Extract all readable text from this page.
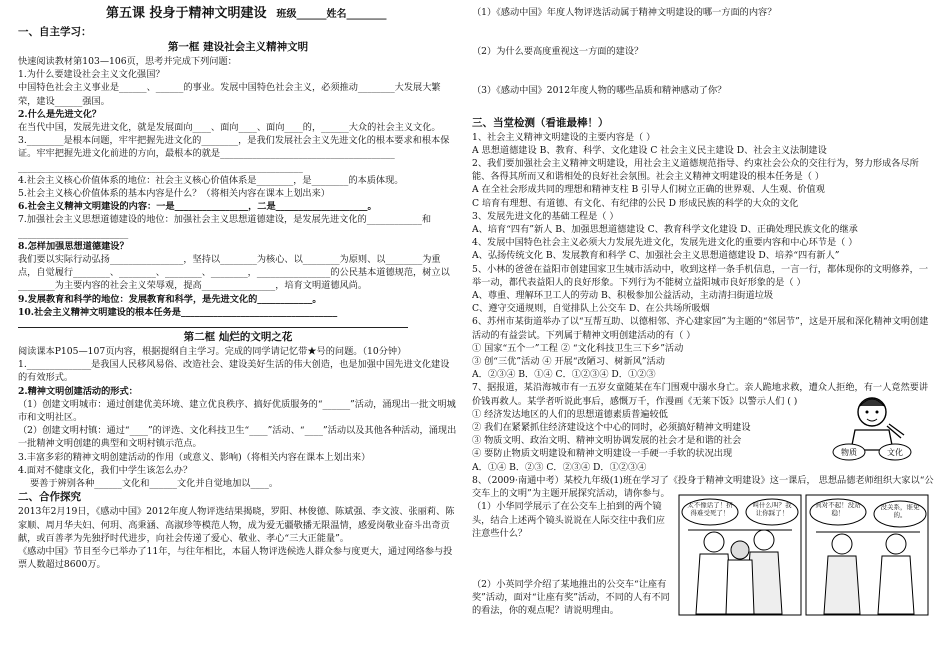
第五课 投身于精神文明建设 班级______姓名________
一、自主学习：
第一框 建设社会主义精神文明

快速阅读教材第103—106页，思考并完成下列问题：

1.为什么要建设社会主义文化强国？

中国特色社会主义事业是______、______的事业。发展中国特色社会主义，必须推动________大发展大繁荣，建设______强国。

2.什么是先进文化？

在当代中国，发展先进文化，就是发展面向____、面向____、面向____的，______大众的社会主义文化。

3.________是根本问题，牢牢把握先进文化的________，是我们发展社会主义先进文化的根本要求和根本保证。牢牢把握先进文化前进的方向，最根本的就是______________________________________

______________________________________________________________

4.社会主义核心价值体系的地位：社会主义核心价值体系是________，是________的本质体现。

5.社会主义核心价值体系的基本内容是什么？（将相关内容在课本上划出来）

6.社会主义精神文明建设的内容：一是________________，二是____________________。

7.加强社会主义思想道德建设的地位：加强社会主义思想道德建设，是发展先进文化的____________和________________________

8.怎样加强思想道德建设？

我们要以实际行动弘扬________________，坚持以________为核心、以________为原则、以________为重点，自觉履行________、________、________、________，________________的公民基本道德规范，树立以________为主要内容的社会主义荣辱观，提高________________，培育文明道德风尚。

9.发展教育和科学的地位：发展教育和科学，是先进文化的____________。

10.社会主义精神文明建设的根本任务是__________________________________

第二框 灿烂的文明之花

阅读课本P105—107页内容，根据提纲自主学习。完成的同学请记忆带★号的问题。（10分钟）

1.______________是我国人民移风易俗、改造社会、建设美好生活的伟大创造，也是加强中国先进文化建设的有效形式。

2.精神文明创建活动的形式：

（1）创建文明城市：通过创建优美环境、建立优良秩序、搞好优质服务的“______”活动，涌现出一批文明城市和文明社区。

（2）创建文明村镇：通过“____”的评选、文化科技卫生“____”活动、“____”活动以及其他各种活动，涌现出一批精神文明创建的典型和文明村镇示范点。

3.丰富多彩的精神文明创建活动的作用（或意义、影响)（将相关内容在课本上划出来）

4.面对不健康文化，我们中学生该怎么办？

要善于辨别各种______文化和______文化并自觉地加以____。

二、合作探究

2013年2月19日，《感动中国》2012年度人物评选结果揭晓，罗阳、林俊德、陈斌强、李文波、张丽莉、陈家顺、周月华夫妇、何玥、高秉涵、高淑珍等模范人物，成为爱无疆敬播无限温情，感爱岗敬业奋斗出奇贡献，或百善孝为先独抒时代进步，向社会传递了爱心、敬业、孝心“三大正能量”。

《感动中国》节目至今已举办了11年，与往年相比，本届人物评选候选人群众参与度更大，通过网络参与投票人数超过8600万。

（1）《感动中国》年度人物评选活动属于精神文明建设的哪一方面的内容？

（2）为什么要高度重视这一方面的建设？

（3）《感动中国》2012年度人物的哪些品质和精神感动了你？

三、当堂检测（看谁最棒！）

1、社会主义精神文明建设的主要内容是（ ）

A 思想道德建设 B、教育、科学、文化建设 C 社会主义民主建设 D、社会主义法制建设

2、我们要加强社会主义精神文明建设，用社会主义道德规范指导、约束社会公众的交往行为，努力形成各尽所能、各得其所而又和谐相处的良好社会氛围。社会主义精神文明建设的根本任务是（ ）

A 在全社会形成共同的理想和精神支柱 B 引导人们树立正确的世界观、人生观、价值观

C 培育有理想、有道德、有文化、有纪律的公民 D 形成民族的科学的大众的文化

3、发展先进文化的基础工程是（ ）

A、培育“四有”新人 B、加强思想道德建设 C、教育科学文化建设 D、正确处理民族文化的继承

4、发展中国特色社会主义必须大力发展先进文化，发展先进文化的重要内容和中心环节是（ ）

A、弘扬传统文化 B、发展教育和科学 C、加强社会主义思想道德建设 D、培养“四有新人”

5、小林的爸爸在益阳市创建国家卫生城市活动中，收到这样一条手机信息，一言一行，都体现你的文明修养，一举一动，都代表益阳人的良好形象。下列行为不能树立益阳城市良好形象的是（ ）

A、尊重、理解环卫工人的劳动 B、积极参加公益活动，主动清扫街道垃圾

C、遵守交通规则，自觉排队上公交车 D、在公共场所吸烟

6、苏州市某街道举办了以“互帮互助、以德相邻、齐心建家园”为主题的“邻居节”，这是开展和深化精神文明创建活动的有益尝试。下列属于精神文明创建活动的有（ ）

① 国家“五个一”工程 ② “文化科技卫生三下乡”活动

③ 创“三优”活动 ④ 开展“改陋习、树新风”活动

A．②③④ B．①④ C．①②③④ D．①②③

7、据报道，某沿海城市有一五岁女童随某在车门围观中溺水身亡。亲人跪地求救，遭众人拒绝，有一人竟然要讲价钱再救人。某学者听说此事后，感慨万千，作漫画《无莱下饭》以警示人们 ( )

① 经济发达地区的人们的思想道德素质普遍较低

② 我们在紧紧抓住经济建设这个中心的同时，必须搞好精神文明建设

③ 物质文明、政治文明、精神文明协调发展的社会才是和谐的社会

④ 要防止物质文明建设和精神文明建设一手硬一手软的状况出现

A．①④ B．②③ C．②③④ D．①②③④

物质	文化

8、（2009·南通中考）某校九年级(1)班在学习了《投身于精神文明建设》这一课后， 思想品德老师组织大家以“公交车上的文明”为主题开展探究活动，请你参与。

（1）小华同学展示了在公交车上拍到的两个镜头，结合上述两个镜头说说在人际交往中我们应注意些什么？

（2）小英同学介绍了某地推出的公交车“让座有奖”活动，面对“让座有奖”活动，不同的人有不同的看法，你的观点呢？请说明理由。

太不像话了！挤得难受死了！
叫什么叫？我让你踩了！
真对不起！没站稳！
没关系，谁免的。
